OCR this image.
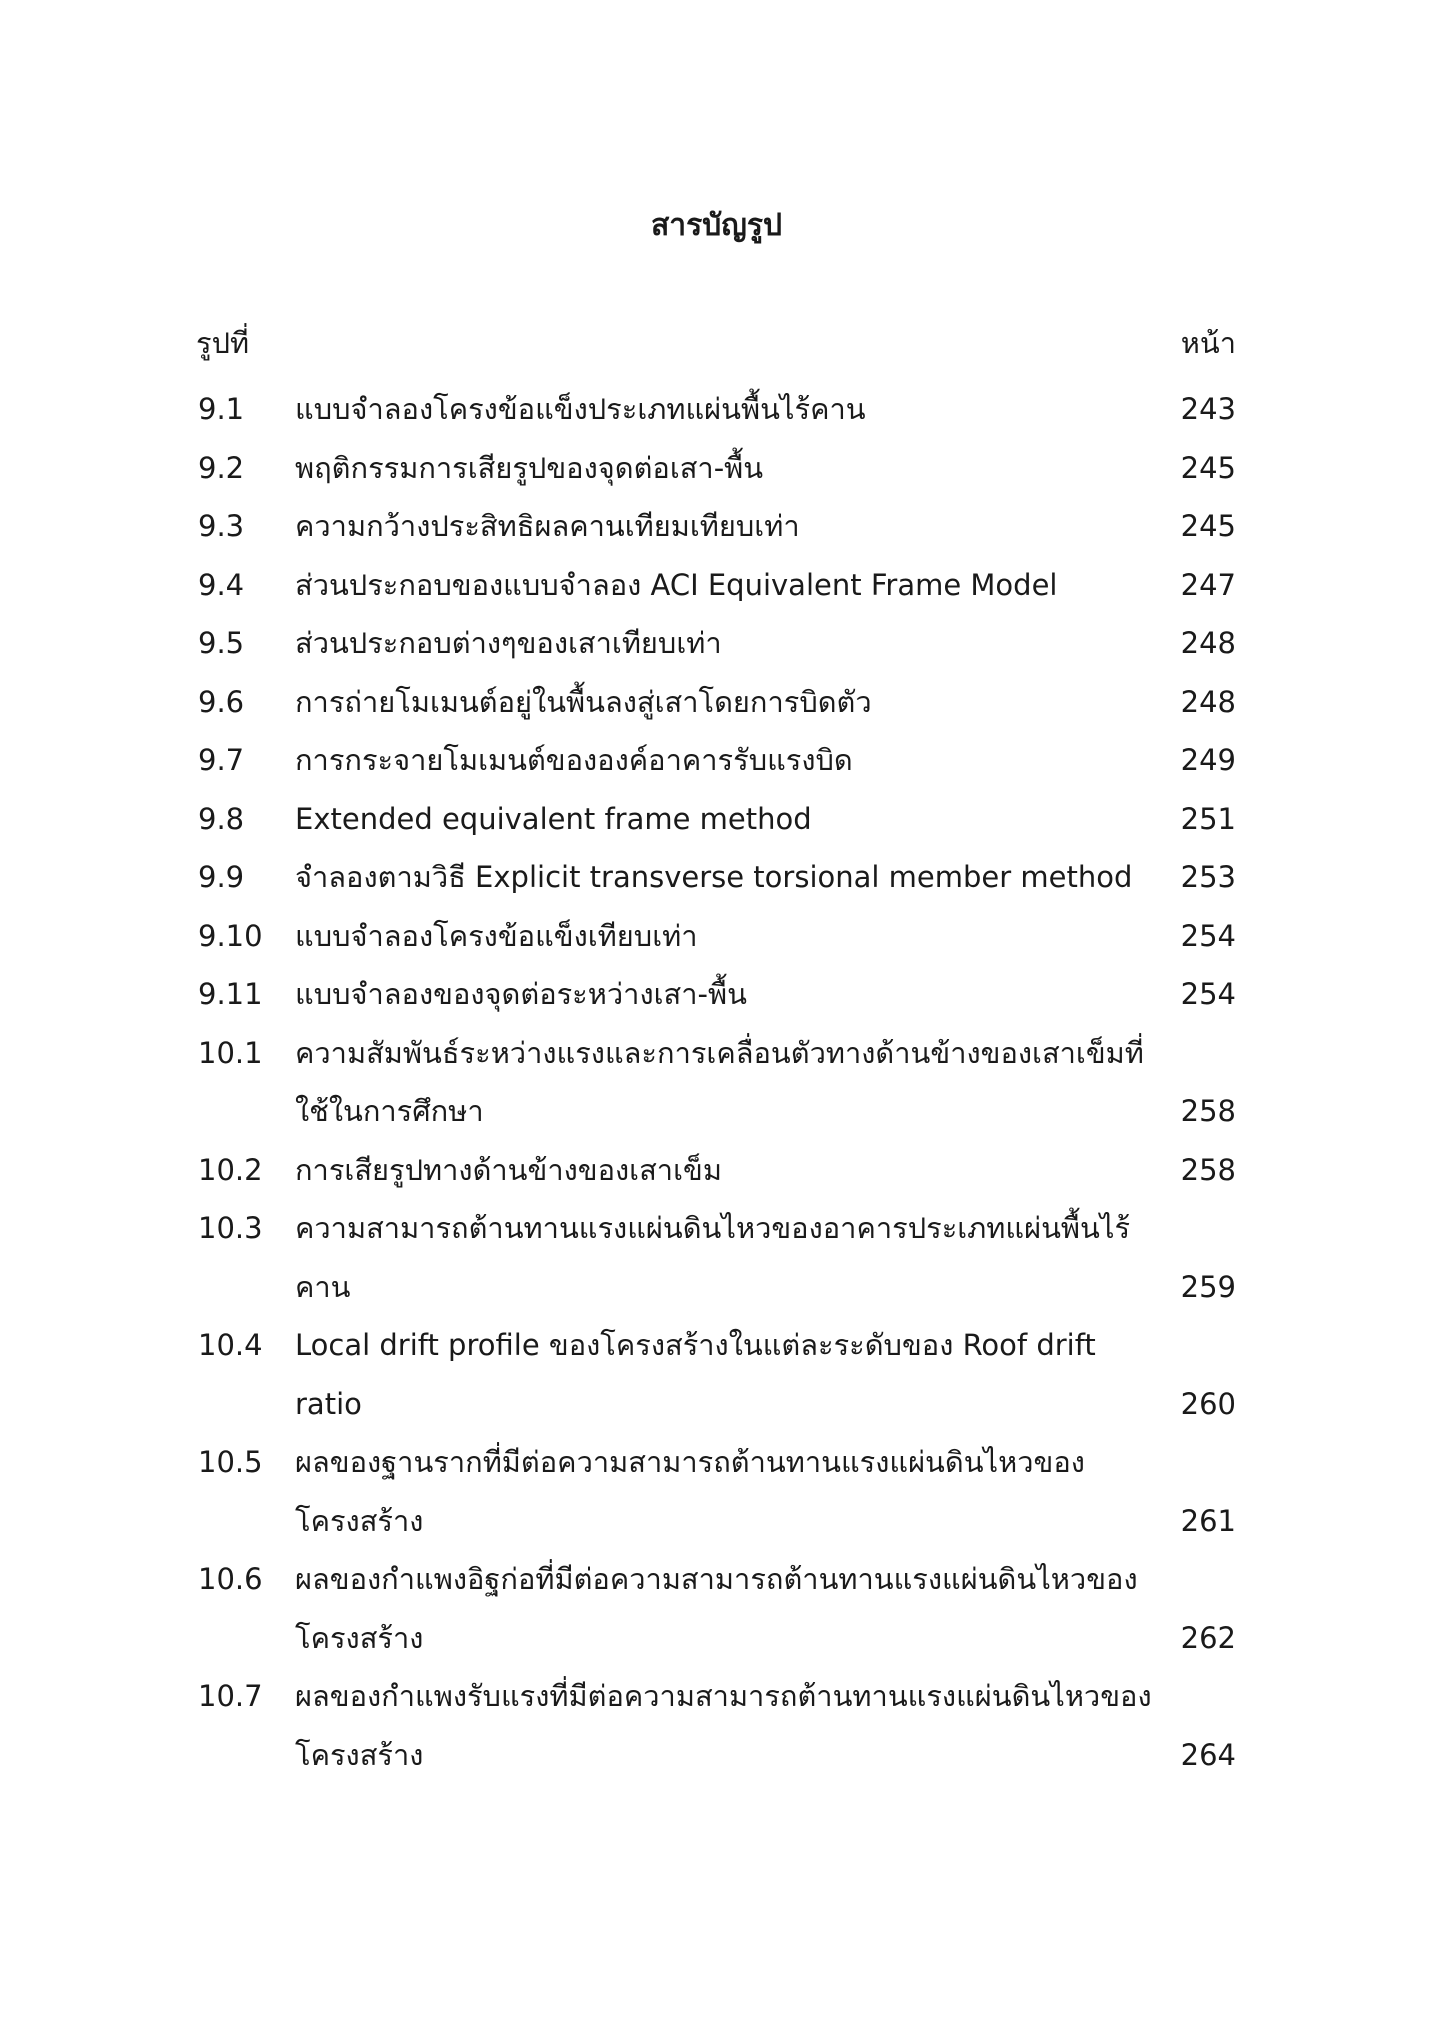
สารบัญรูป
รูปที่	หน้า
9.1	แบบจำลองโครงข้อแข็งประเภทแผ่นพื้นไร้คาน	243
9.2	พฤติกรรมการเสียรูปของจุดต่อเสา-พื้น	245
9.3	ความกว้างประสิทธิผลคานเทียมเทียบเท่า	245
9.4	ส่วนประกอบของแบบจำลอง ACI Equivalent Frame Model	247
9.5	ส่วนประกอบต่างๆของเสาเทียบเท่า	248
9.6	การถ่ายโมเมนต์อยู่ในพื้นลงสู่เสาโดยการบิดตัว	248
9.7	การกระจายโมเมนต์ขององค์อาคารรับแรงบิด	249
9.8	Extended equivalent frame method	251
9.9	จำลองตามวิธี Explicit transverse torsional member method	253
9.10	แบบจำลองโครงข้อแข็งเทียบเท่า	254
9.11	แบบจำลองของจุดต่อระหว่างเสา-พื้น	254
10.1	ความสัมพันธ์ระหว่างแรงและการเคลื่อนตัวทางด้านข้างของเสาเข็มที่ใช้ในการศึกษา	258
10.2	การเสียรูปทางด้านข้างของเสาเข็ม	258
10.3	ความสามารถต้านทานแรงแผ่นดินไหวของอาคารประเภทแผ่นพื้นไร้คาน	259
10.4	Local drift profile ของโครงสร้างในแต่ละระดับของ Roof drift ratio	260
10.5	ผลของฐานรากที่มีต่อความสามารถต้านทานแรงแผ่นดินไหวของโครงสร้าง	261
10.6	ผลของกำแพงอิฐก่อที่มีต่อความสามารถต้านทานแรงแผ่นดินไหวของโครงสร้าง	262
10.7	ผลของกำแพงรับแรงที่มีต่อความสามารถต้านทานแรงแผ่นดินไหวของโครงสร้าง	264
